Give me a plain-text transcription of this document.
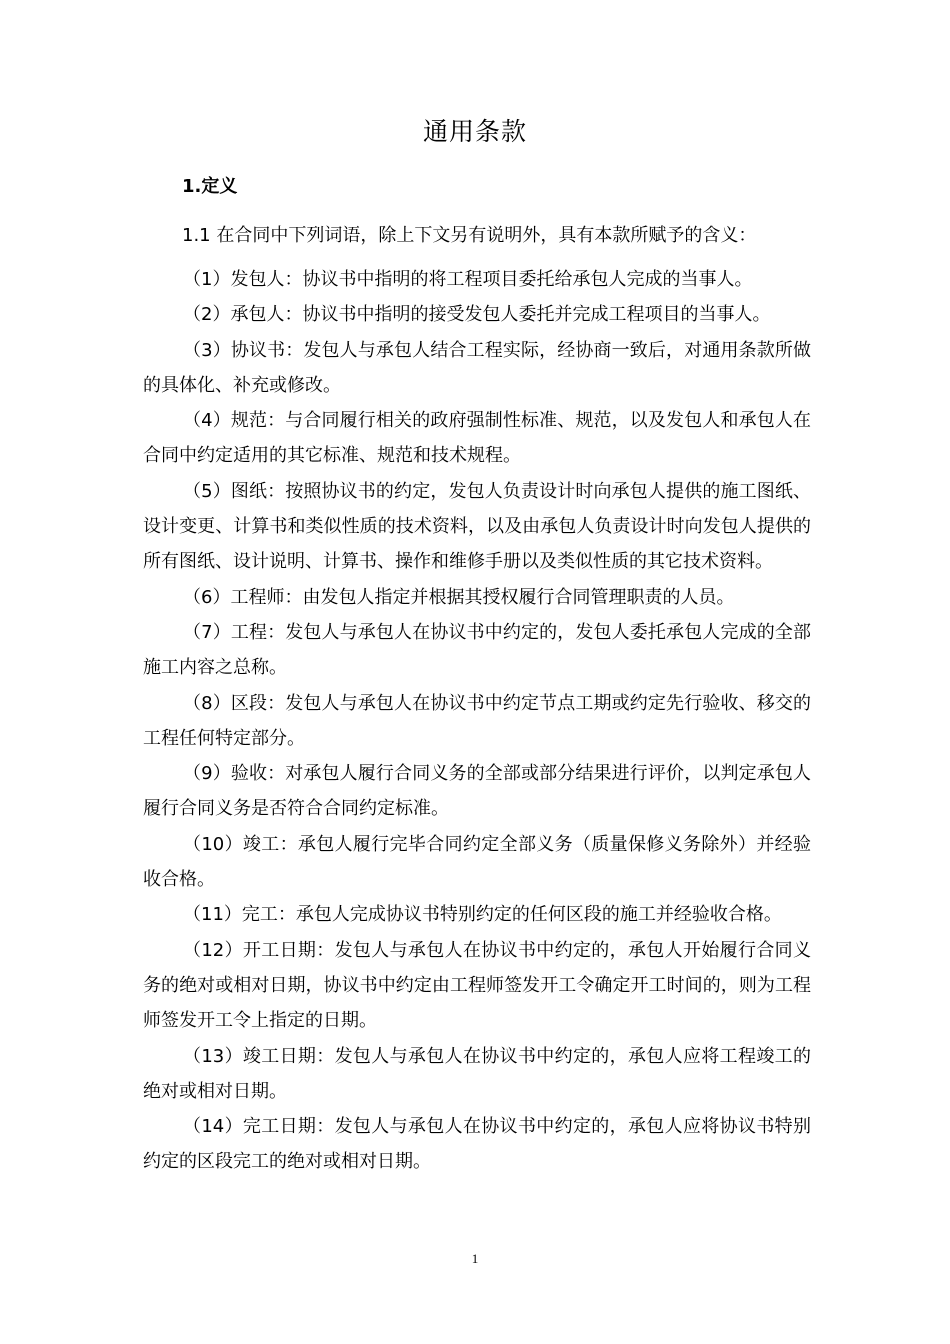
通用条款
1.定义
1.1 在合同中下列词语，除上下文另有说明外，具有本款所赋予的含义：

（1）发包人：协议书中指明的将工程项目委托给承包人完成的当事人。

（2）承包人：协议书中指明的接受发包人委托并完成工程项目的当事人。

（3）协议书：发包人与承包人结合工程实际，经协商一致后，对通用条款所做的具体化、补充或修改。

（4）规范：与合同履行相关的政府强制性标准、规范，以及发包人和承包人在合同中约定适用的其它标准、规范和技术规程。

（5）图纸：按照协议书的约定，发包人负责设计时向承包人提供的施工图纸、设计变更、计算书和类似性质的技术资料，以及由承包人负责设计时向发包人提供的所有图纸、设计说明、计算书、操作和维修手册以及类似性质的其它技术资料。

（6）工程师：由发包人指定并根据其授权履行合同管理职责的人员。

（7）工程：发包人与承包人在协议书中约定的，发包人委托承包人完成的全部施工内容之总称。

（8）区段：发包人与承包人在协议书中约定节点工期或约定先行验收、移交的工程任何特定部分。

（9）验收：对承包人履行合同义务的全部或部分结果进行评价，以判定承包人履行合同义务是否符合合同约定标准。

（10）竣工：承包人履行完毕合同约定全部义务（质量保修义务除外）并经验收合格。

（11）完工：承包人完成协议书特别约定的任何区段的施工并经验收合格。

（12）开工日期：发包人与承包人在协议书中约定的，承包人开始履行合同义务的绝对或相对日期，协议书中约定由工程师签发开工令确定开工时间的，则为工程师签发开工令上指定的日期。

（13）竣工日期：发包人与承包人在协议书中约定的，承包人应将工程竣工的绝对或相对日期。

（14）完工日期：发包人与承包人在协议书中约定的，承包人应将协议书特别约定的区段完工的绝对或相对日期。

1
